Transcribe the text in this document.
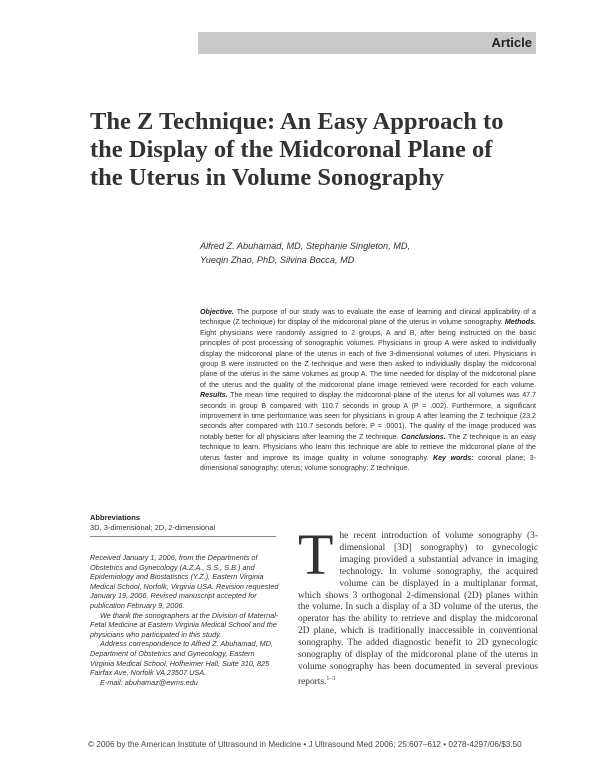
Article
The Z Technique: An Easy Approach to
the Display of the Midcoronal Plane of
the Uterus in Volume Sonography
Alfred Z. Abuhamad, MD, Stephanie Singleton, MD,
Yueqin Zhao, PhD, Silvina Bocca, MD
Objective. The purpose of our study was to evaluate the ease of learning and clinical applicability of a technique (Z technique) for display of the midcoronal plane of the uterus in volume sonography. Methods. Eight physicians were randomly assigned to 2 groups, A and B, after being instructed on the basic principles of post processing of sonographic volumes. Physicians in group A were asked to individually display the midcoronal plane of the uterus in each of five 3-dimensional volumes of uteri. Physicians in group B were instructed on the Z technique and were then asked to individually display the midcoronal plane of the uterus in the same volumes as group A. The time needed for display of the midcoronal plane of the uterus and the quality of the midcoronal plane image retrieved were recorded for each volume. Results. The mean time required to display the midcoronal plane of the uterus for all volumes was 47.7 seconds in group B compared with 110.7 seconds in group A (P = .002). Furthermore, a significant improvement in time performance was seen for physicians in group A after learning the Z technique (23.2 seconds after compared with 110.7 seconds before; P = .0001). The quality of the image produced was notably better for all physicians after learning the Z technique. Conclusions. The Z technique is an easy technique to learn. Physicians who learn this technique are able to retrieve the midcoronal plane of the uterus faster and improve its image quality in volume sonography. Key words: coronal plane; 3-dimensional sonography; uterus; volume sonography; Z technique.
Abbreviations
3D, 3-dimensional; 2D, 2-dimensional

Received January 1, 2006, from the Departments of Obstetrics and Gynecology (A.Z.A., S.S., S.B.) and Epidemiology and Biostatistics (Y.Z.), Eastern Virginia Medical School, Norfolk, Virginia USA. Revision requested January 19, 2006. Revised manuscript accepted for publication February 9, 2006.

We thank the sonographers at the Division of Maternal-Fetal Medicine at Eastern Virginia Medical School and the physicians who participated in this study.

Address correspondence to Alfred Z. Abuhamad, MD, Department of Obstetrics and Gynecology, Eastern Virginia Medical School, Hofheimer Hall, Suite 310, 825 Fairfax Ave, Norfolk VA 23507 USA.

E-mail: abuhamaz@evms.edu

The recent introduction of volume sonography (3-dimensional [3D] sonography) to gynecologic imaging provided a substantial advance in imaging technology. In volume sonography, the acquired volume can be displayed in a multiplanar format, which shows 3 orthogonal 2-dimensional (2D) planes within the volume. In such a display of a 3D volume of the uterus, the operator has the ability to retrieve and display the midcoronal 2D plane, which is traditionally inaccessible in conventional sonography. The added diagnostic benefit to 2D gynecologic sonography of display of the midcoronal plane of the uterus in volume sonography has been documented in several previous reports.$^{1-3}$
© 2006 by the American Institute of Ultrasound in Medicine • J Ultrasound Med 2006; 25:607–612 • 0278-4297/06/$3.50
